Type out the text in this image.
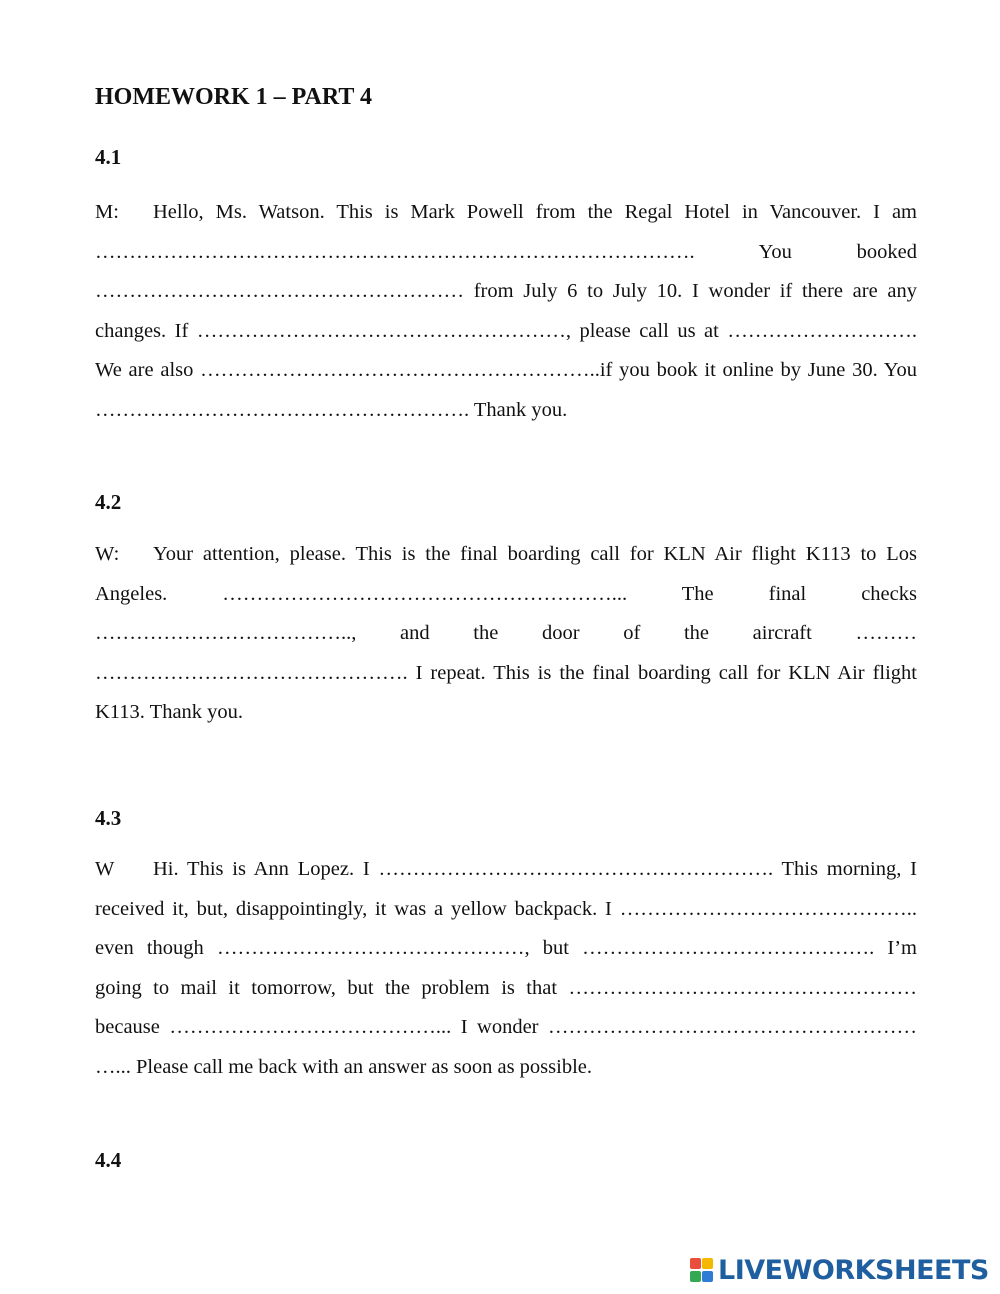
HOMEWORK 1 – PART 4
4.1

M: Hello, Ms. Watson. This is Mark Powell from the Regal Hotel in Vancouver. I am ……………………………………………………………………………. You booked ……………………………………………… from July 6 to July 10. I wonder if there are any changes. If ………………………………………………, please call us at ………………………. We are also …………………………………………………..if you book it online by June 30. You ………………………………………………. Thank you.

4.2

W: Your attention, please. This is the final boarding call for KLN Air flight K113 to Los Angeles. …………………………………………………... The final checks ……………………………….., and the door of the aircraft ……… ………………………………………. I repeat. This is the final boarding call for KLN Air flight K113. Thank you.

4.3

W Hi. This is Ann Lopez. I …………………………………………………. This morning, I received it, but, disappointingly, it was a yellow backpack. I …………………………………….. even though ………………………………………, but ……………………………………. I’m going to mail it tomorrow, but the problem is that …………………………………………… because …………………………………... I wonder ……………………………………………… …... Please call me back with an answer as soon as possible.

4.4
LIVEWORKSHEETS
